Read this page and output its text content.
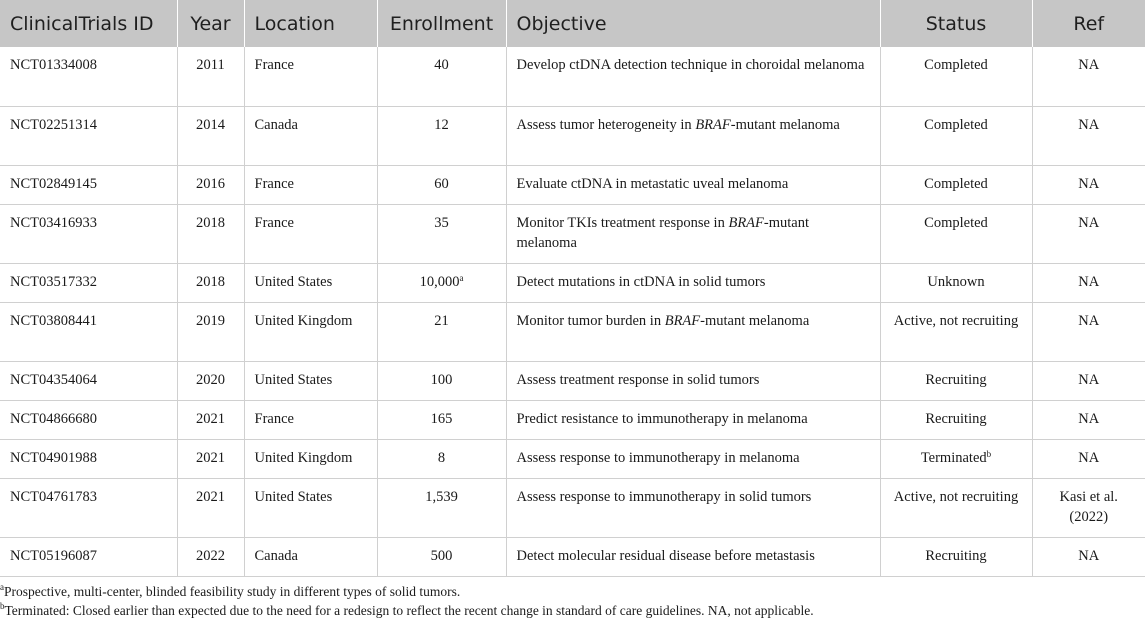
ClinicalTrials ID	Year	Location	Enrollment	Objective	Status	Ref
NCT01334008	2011	France	40	Develop ctDNA detection technique in choroidal melanoma	Completed	NA
NCT02251314	2014	Canada	12	Assess tumor heterogeneity in BRAF-mutant melanoma	Completed	NA
NCT02849145	2016	France	60	Evaluate ctDNA in metastatic uveal melanoma	Completed	NA
NCT03416933	2018	France	35	Monitor TKIs treatment response in BRAF-mutant melanoma	Completed	NA
NCT03517332	2018	United States	10,000$^a$	Detect mutations in ctDNA in solid tumors	Unknown	NA
NCT03808441	2019	United Kingdom	21	Monitor tumor burden in BRAF-mutant melanoma	Active, not recruiting	NA
NCT04354064	2020	United States	100	Assess treatment response in solid tumors	Recruiting	NA
NCT04866680	2021	France	165	Predict resistance to immunotherapy in melanoma	Recruiting	NA
NCT04901988	2021	United Kingdom	8	Assess response to immunotherapy in melanoma	Terminated$^b$	NA
NCT04761783	2021	United States	1,539	Assess response to immunotherapy in solid tumors	Active, not recruiting	Kasi et al. (2022)
NCT05196087	2022	Canada	500	Detect molecular residual disease before metastasis	Recruiting	NA
$^a$Prospective, multi-center, blinded feasibility study in different types of solid tumors.
$^b$Terminated: Closed earlier than expected due to the need for a redesign to reflect the recent change in standard of care guidelines. NA, not applicable.
